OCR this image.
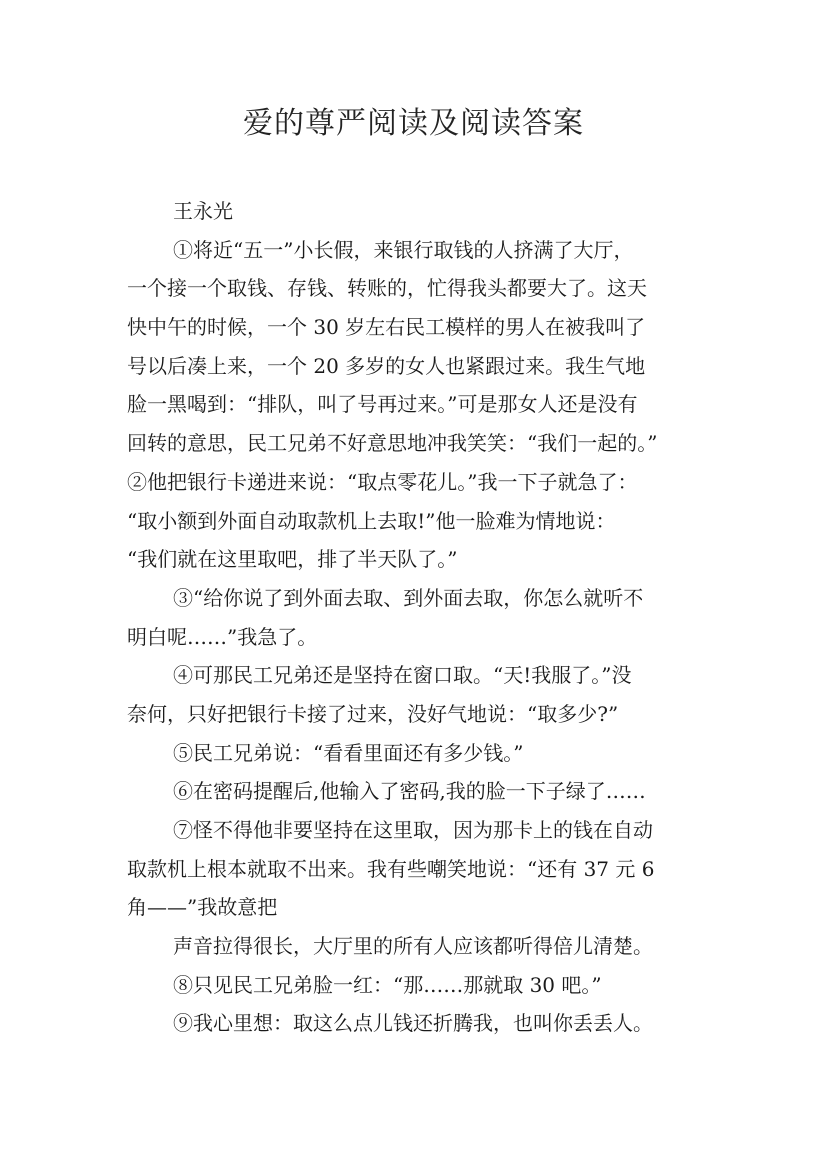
爱的尊严阅读及阅读答案
王永光
①将近“五一”小长假，来银行取钱的人挤满了大厅，
一个接一个取钱、存钱、转账的，忙得我头都要大了。这天
快中午的时候，一个 30 岁左右民工模样的男人在被我叫了
号以后凑上来，一个 20 多岁的女人也紧跟过来。我生气地
脸一黑喝到：“排队，叫了号再过来。”可是那女人还是没有
回转的意思，民工兄弟不好意思地冲我笑笑：“我们一起的。”
②他把银行卡递进来说：“取点零花儿。”我一下子就急了：
“取小额到外面自动取款机上去取!”他一脸难为情地说：
“我们就在这里取吧，排了半天队了。”
③“给你说了到外面去取、到外面去取，你怎么就听不
明白呢……”我急了。
④可那民工兄弟还是坚持在窗口取。“天!我服了。”没
奈何，只好把银行卡接了过来，没好气地说：“取多少?”
⑤民工兄弟说：“看看里面还有多少钱。”
⑥在密码提醒后,他输入了密码,我的脸一下子绿了……
⑦怪不得他非要坚持在这里取，因为那卡上的钱在自动
取款机上根本就取不出来。我有些嘲笑地说：“还有 37 元 6
角——”我故意把
声音拉得很长，大厅里的所有人应该都听得倍儿清楚。
⑧只见民工兄弟脸一红：“那……那就取 30 吧。”
⑨我心里想：取这么点儿钱还折腾我，也叫你丢丢人。
